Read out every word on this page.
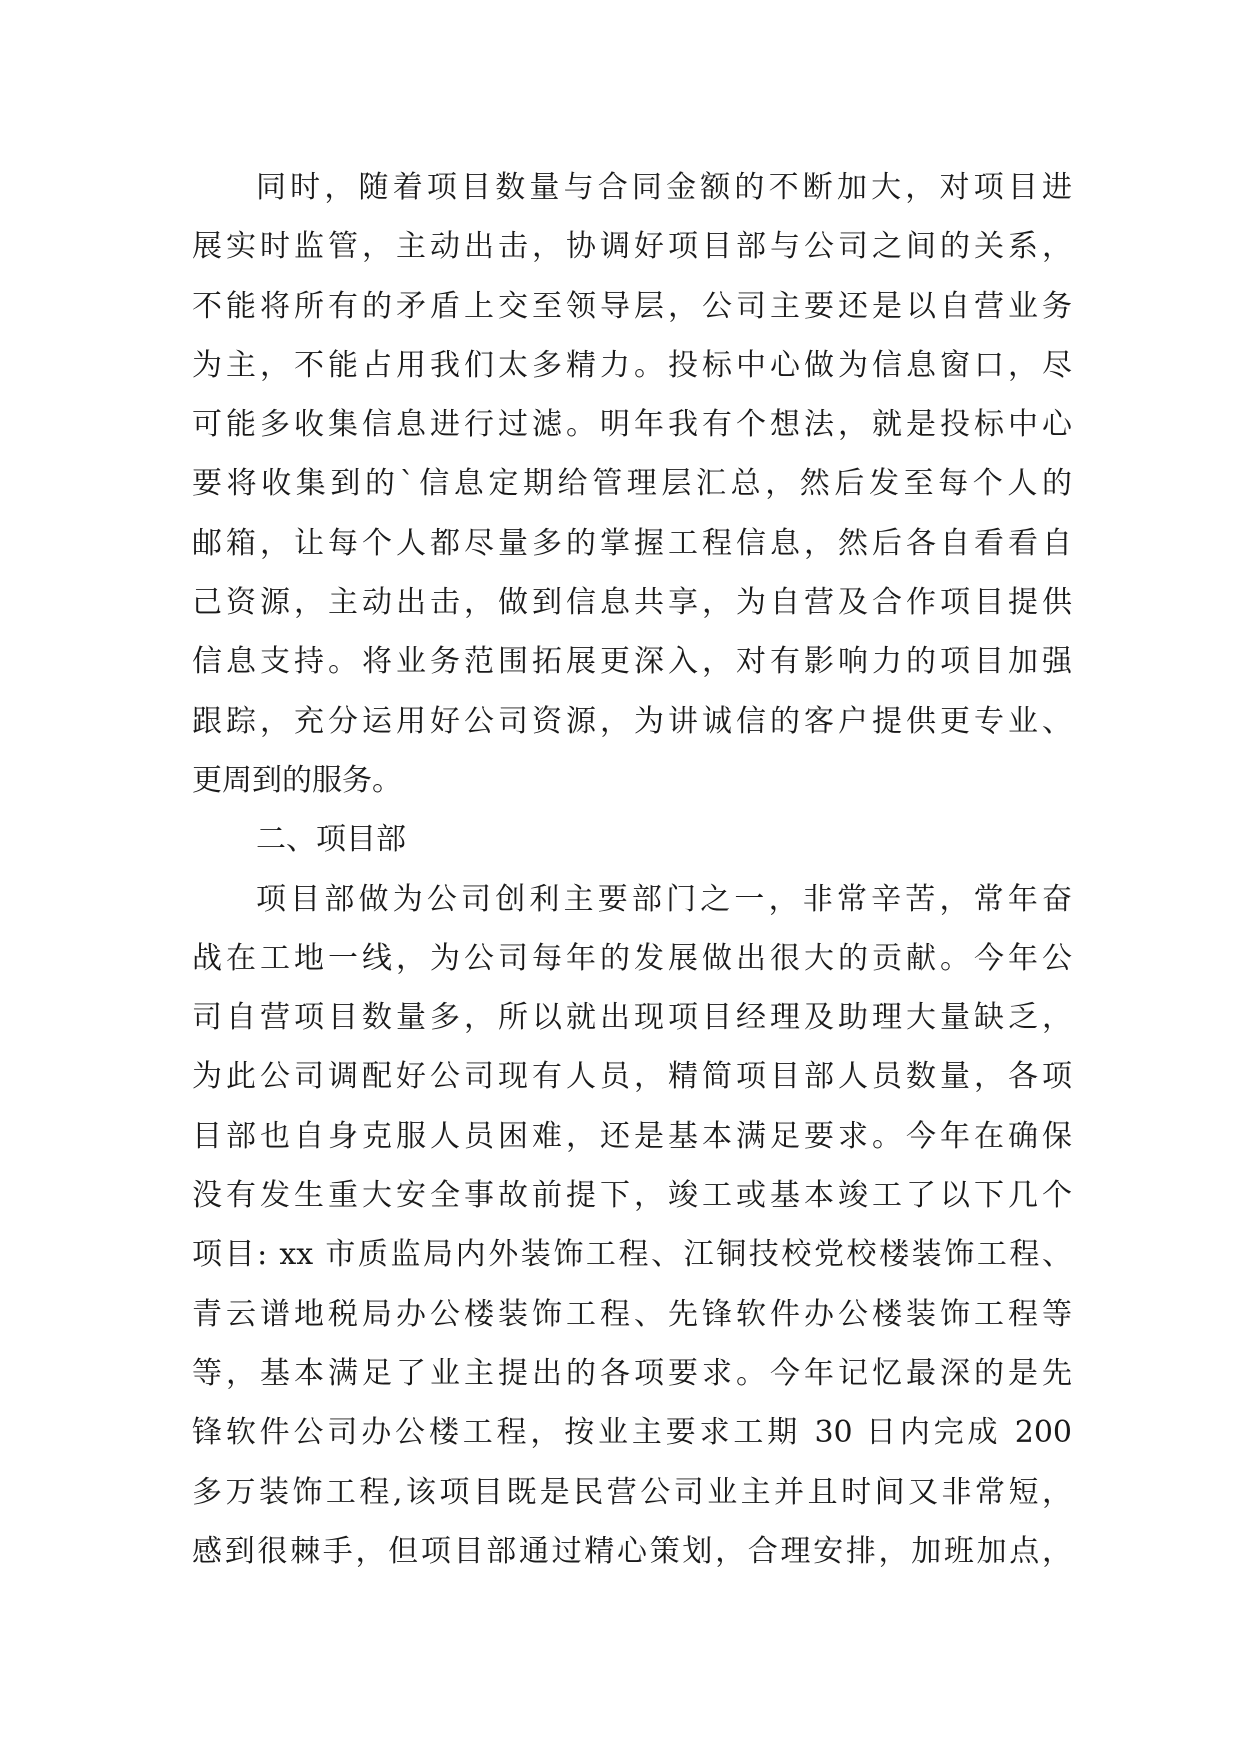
同时，随着项目数量与合同金额的不断加大，对项目进
展实时监管，主动出击，协调好项目部与公司之间的关系，
不能将所有的矛盾上交至领导层，公司主要还是以自营业务
为主，不能占用我们太多精力。投标中心做为信息窗口，尽
可能多收集信息进行过滤。明年我有个想法，就是投标中心
要将收集到的`信息定期给管理层汇总，然后发至每个人的
邮箱，让每个人都尽量多的掌握工程信息，然后各自看看自
己资源，主动出击，做到信息共享，为自营及合作项目提供
信息支持。将业务范围拓展更深入，对有影响力的项目加强
跟踪，充分运用好公司资源，为讲诚信的客户提供更专业、
更周到的服务。
二、项目部
项目部做为公司创利主要部门之一，非常辛苦，常年奋
战在工地一线，为公司每年的发展做出很大的贡献。今年公
司自营项目数量多，所以就出现项目经理及助理大量缺乏，
为此公司调配好公司现有人员，精简项目部人员数量，各项
目部也自身克服人员困难，还是基本满足要求。今年在确保
没有发生重大安全事故前提下，竣工或基本竣工了以下几个
项目: xx 市质监局内外装饰工程、江铜技校党校楼装饰工程、
青云谱地税局办公楼装饰工程、先锋软件办公楼装饰工程等
等，基本满足了业主提出的各项要求。今年记忆最深的是先
锋软件公司办公楼工程，按业主要求工期 30 日内完成 200
多万装饰工程,该项目既是民营公司业主并且时间又非常短，
感到很棘手，但项目部通过精心策划，合理安排，加班加点，
